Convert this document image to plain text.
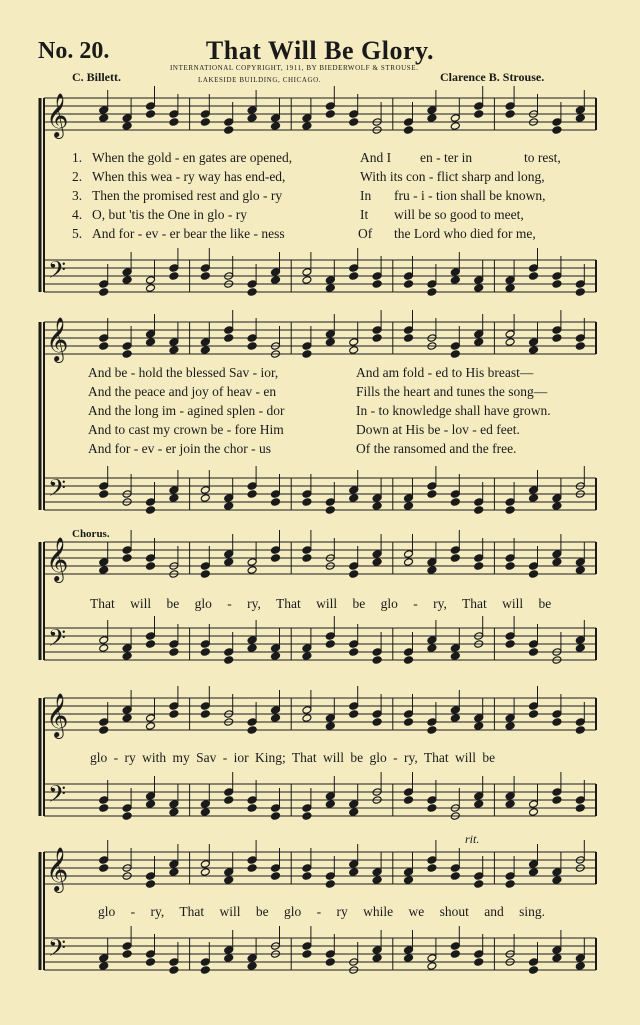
No. 20.	That Will Be Glory.
INTERNATIONAL COPYRIGHT, 1911, BY BIEDERWOLF & STROUSE.
LAKESIDE BUILDING, CHICAGO.
C. Billett.	Clarence B. Strouse.
𝄞
𝄢
𝄞
𝄢
𝄞
𝄢
𝄞
𝄢
𝄞
𝄢
1. When the gold - en gates are opened,	And I en - ter in	to rest,
2. When this wea - ry way has end-ed,	With its con - flict sharp and long,
3. Then the promised rest and glo - ry	In fru - i - tion shall be known,
4. O, but 'tis the One in glo - ry	It will be so good to meet,
5. And for - ev - er bear the like - ness	Of the Lord who died for me,
And be - hold the blessed Sav - ior,	And am fold - ed to His breast—
And the peace and joy of heav - en	Fills the heart and tunes the song—
And the long im - agined splen - dor	In - to knowledge shall have grown.
And to cast my crown be - fore Him	Down at His be - lov - ed feet.
And for - ev - er join the chor - us	Of the ransomed and the free.
Chorus.
That will be glo - ry, That will be glo - ry, That will be
glo - ry with my Sav - ior King; That will be glo - ry, That will be
glo - ry, That will be glo - ry while we shout and sing.
rit.
